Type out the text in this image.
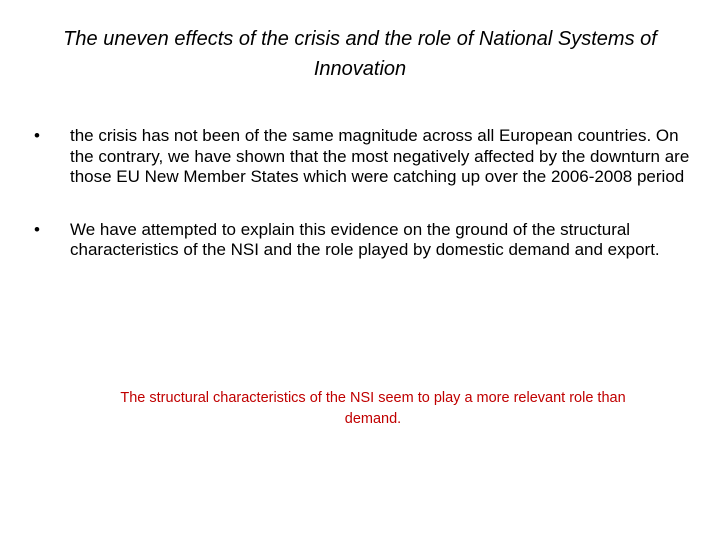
The uneven effects of the crisis and the role of National Systems of Innovation
•	the crisis has not been of the same magnitude across all European countries. On the contrary, we have shown that the most negatively affected by the downturn are those EU New Member States which were catching up over the 2006-2008 period
•	We have attempted to explain this evidence on the ground of the structural characteristics of the NSI and the role played by domestic demand and export.
The structural characteristics of the NSI seem to play a more relevant role than demand.
